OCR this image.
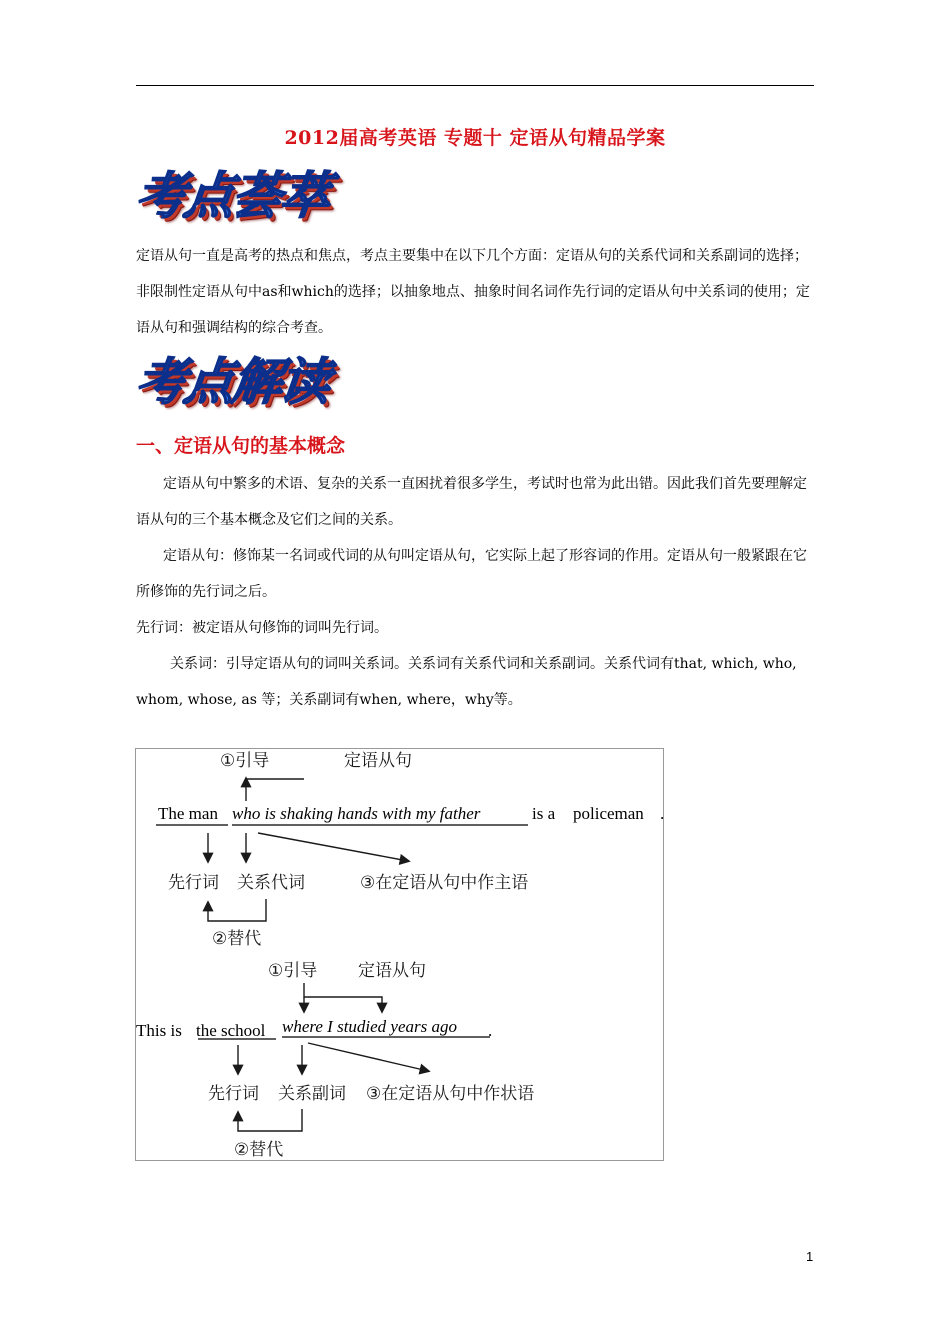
2012届高考英语 专题十 定语从句精品学案
考点荟萃

定语从句一直是高考的热点和焦点，考点主要集中在以下几个方面：定语从句的关系代词和关系副词的选择；非限制性定语从句中as和which的选择；以抽象地点、抽象时间名词作先行词的定语从句中关系词的使用；定语从句和强调结构的综合考查。

考点解读
一、定语从句的基本概念

定语从句中繁多的术语、复杂的关系一直困扰着很多学生，考试时也常为此出错。因此我们首先要理解定语从句的三个基本概念及它们之间的关系。

定语从句：修饰某一名词或代词的从句叫定语从句，它实际上起了形容词的作用。定语从句一般紧跟在它所修饰的先行词之后。

先行词：被定语从句修饰的词叫先行词。

关系词：引导定语从句的词叫关系词。关系词有关系代词和关系副词。关系代词有that, which, who, whom, whose, as 等；关系副词有when, where，why等。

①引导	定语从句
The man who is shaking hands with my father	is a policeman .
先行词 关系代词	③在定语从句中作主语
②替代
①引导 定语从句
This is the school where I studied years ago .
先行词 关系副词 ③在定语从句中作状语
②替代
1
